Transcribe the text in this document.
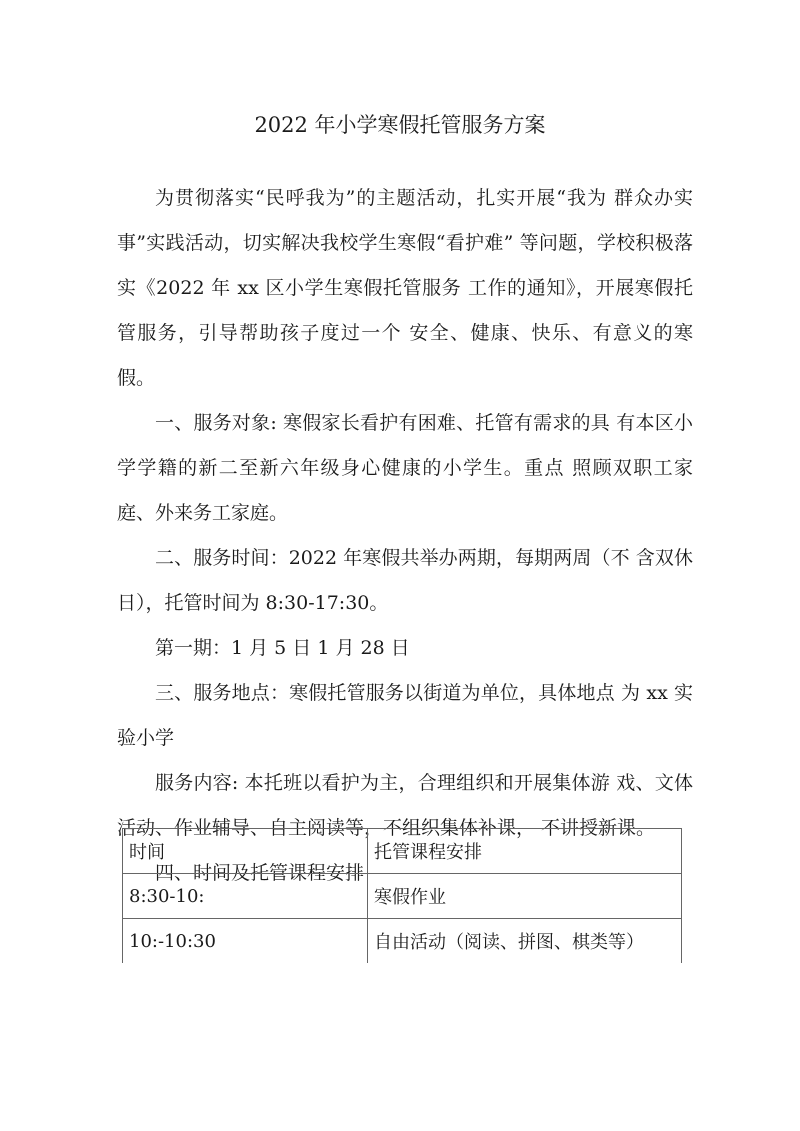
2022 年小学寒假托管服务方案

为贯彻落实“民呼我为”的主题活动，扎实开展“我为 群众办实事”实践活动，切实解决我校学生寒假“看护难” 等问题，学校积极落实《2022 年 xx 区小学生寒假托管服务 工作的通知》，开展寒假托管服务，引导帮助孩子度过一个 安全、健康、快乐、有意义的寒假。

一、服务对象: 寒假家长看护有困难、托管有需求的具 有本区小学学籍的新二至新六年级身心健康的小学生。重点 照顾双职工家庭、外来务工家庭。

二、服务时间：2022 年寒假共举办两期，每期两周（不 含双休日），托管时间为 8:30-17:30。

第一期：1 月 5 日 1 月 28 日

三、服务地点：寒假托管服务以街道为单位，具体地点 为 xx 实验小学

服务内容: 本托班以看护为主，合理组织和开展集体游 戏、文体活动、作业辅导、自主阅读等，不组织集体补课， 不讲授新课。

四、时间及托管课程安排

时间	托管课程安排
8:30-10:	寒假作业
10:-10:30	自由活动（阅读、拼图、棋类等）
